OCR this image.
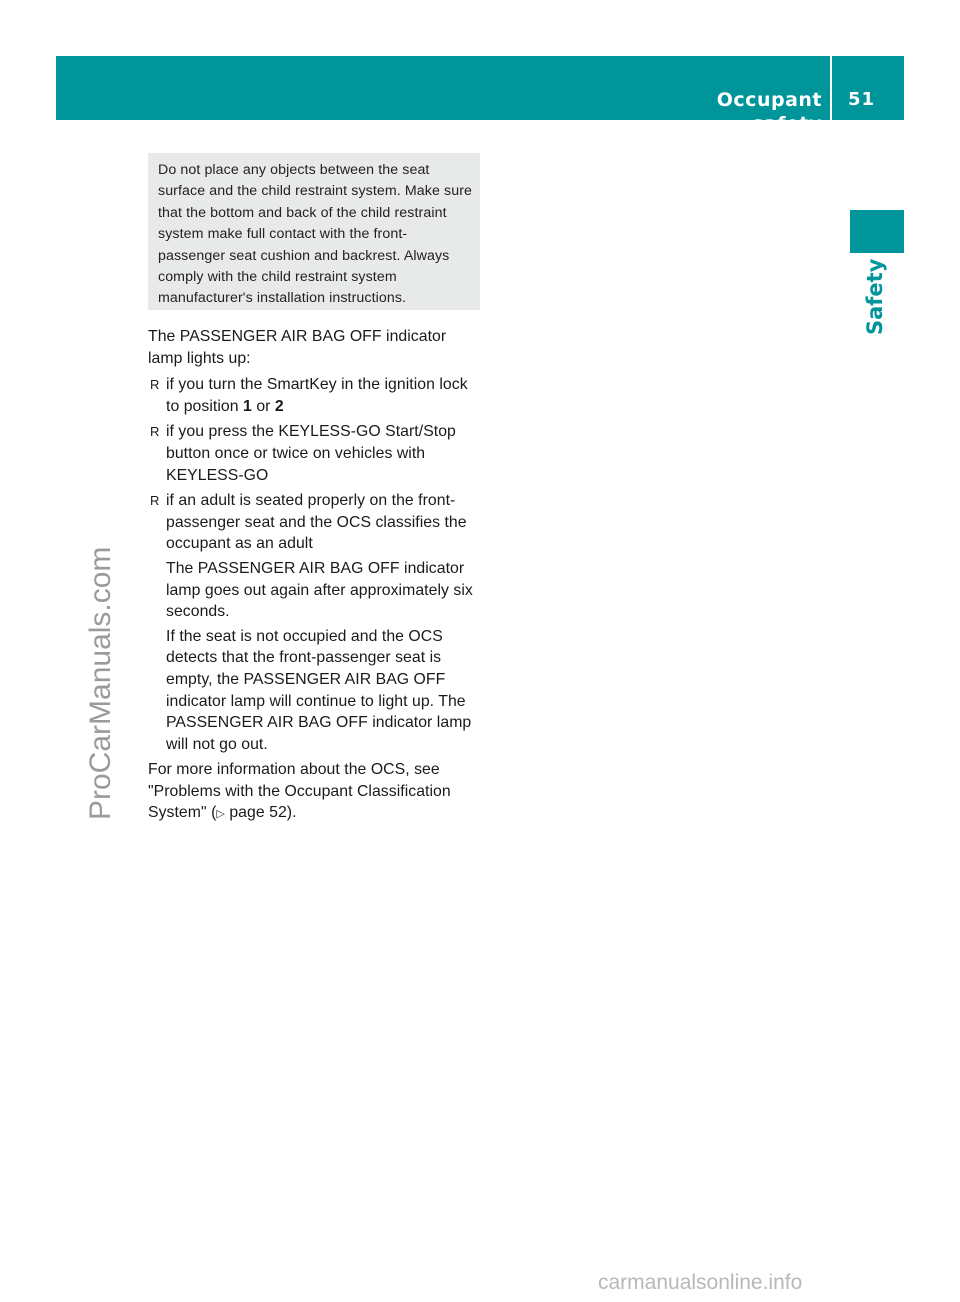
Occupant safety
51
Safety
ProCarManuals.com
Do not place any objects between the seat surface and the child restraint system. Make sure that the bottom and back of the child restraint system make full contact with the front-passenger seat cushion and backrest. Always comply with the child restraint system manufacturer's installation instructions.

The PASSENGER AIR BAG OFF indicator lamp lights up:

R if you turn the SmartKey in the ignition lock to position 1 or 2
R if you press the KEYLESS-GO Start/Stop button once or twice on vehicles with KEYLESS-GO
R if an adult is seated properly on the front-passenger seat and the OCS classifies the occupant as an adult

The PASSENGER AIR BAG OFF indicator lamp goes out again after approximately six seconds.

If the seat is not occupied and the OCS detects that the front-passenger seat is empty, the PASSENGER AIR BAG OFF indicator lamp will continue to light up. The PASSENGER AIR BAG OFF indicator lamp will not go out.

For more information about the OCS, see "Problems with the Occupant Classification System" (▷ page 52).

carmanualsonline.info
